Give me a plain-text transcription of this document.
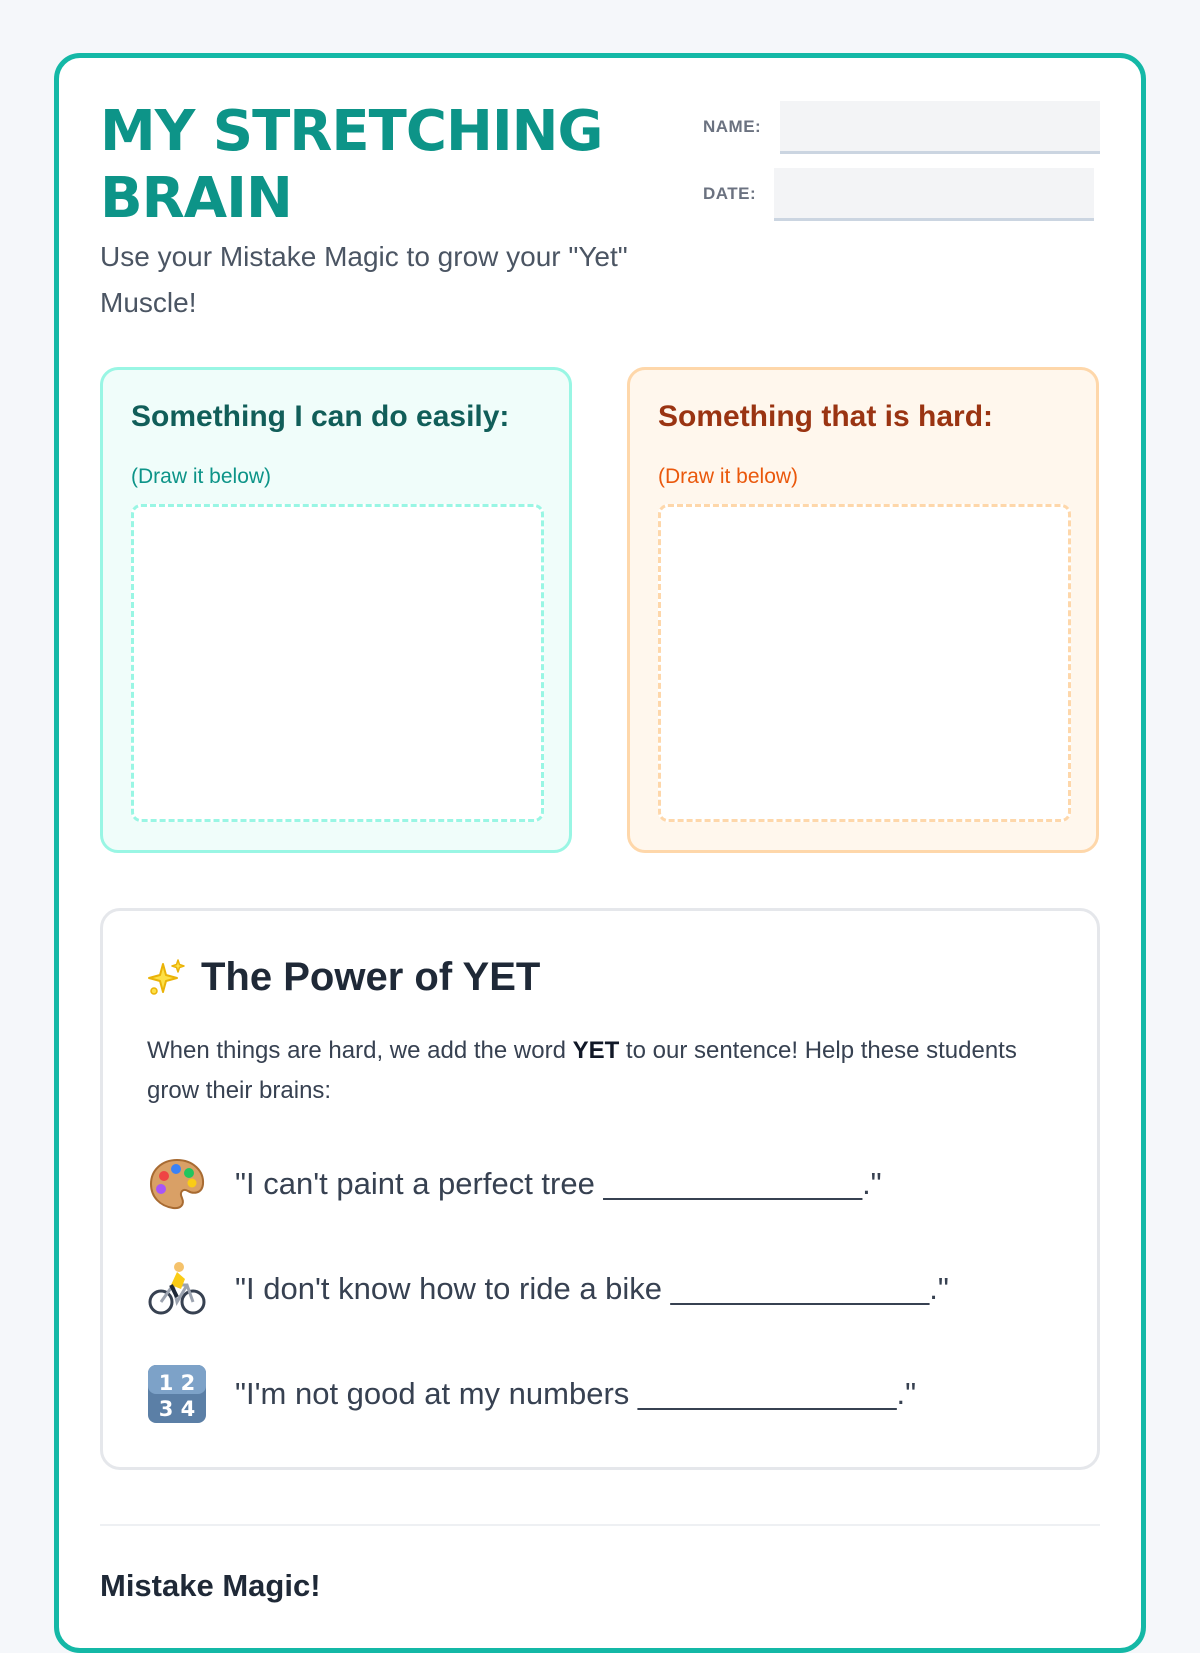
MY STRETCHING
BRAIN

Use your Mistake Magic to grow your "Yet" Muscle!

NAME:
DATE:
Something I can do easily:
(Draw it below)
Something that is hard:
(Draw it below)
The Power of YET

When things are hard, we add the word YET to our sentence! Help these students grow their brains:

"I can't paint a perfect tree _______________."
"I don't know how to ride a bike _______________."
1 2
3 4 "I'm not good at my numbers _______________."
Mistake Magic!
